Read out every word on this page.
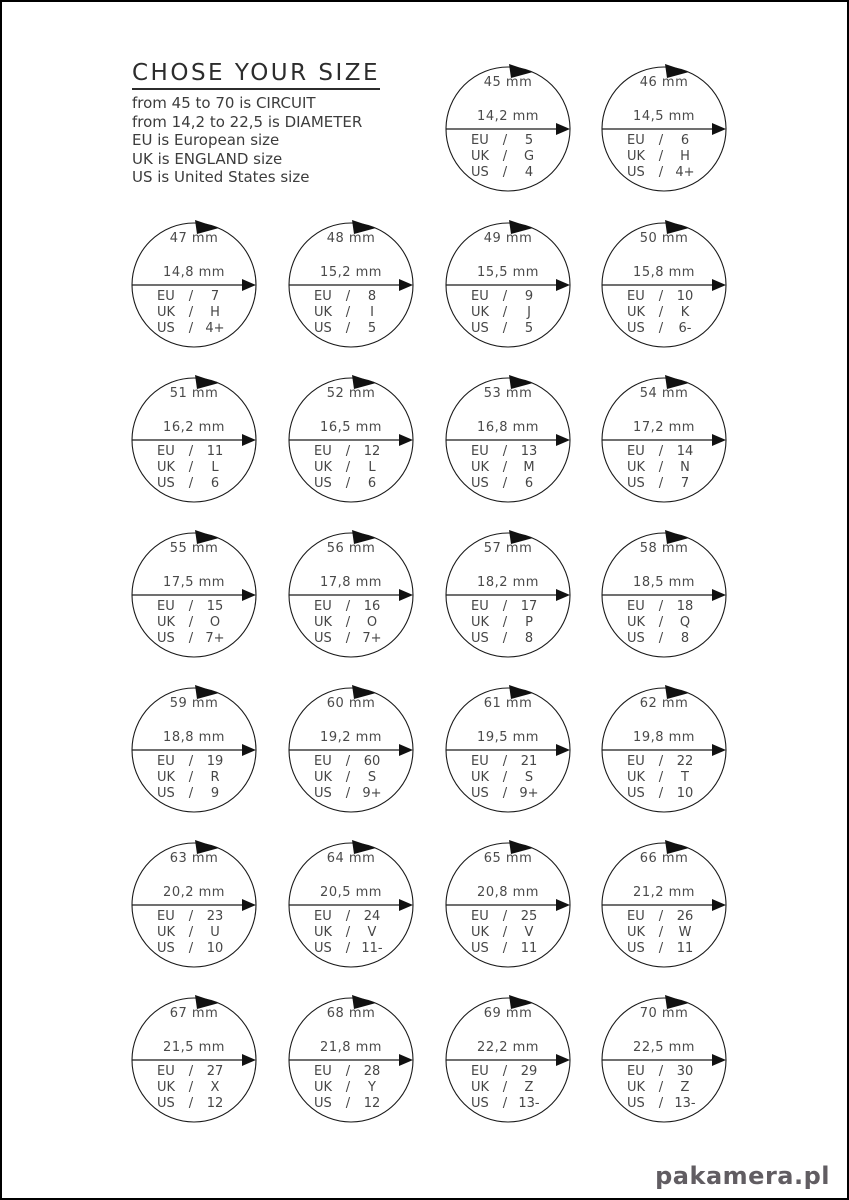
CHOSE YOUR SIZE
from 45 to 70 is CIRCUIT
from 14,2 to 22,5 is DIAMETER
EU is European size
UK is ENGLAND size
US is United States size
45 mm
14,2 mm
EU	/	5
UK	/	G
US	/	4
46 mm
14,5 mm
EU	/	6
UK	/	H
US	/ 4+
47 mm
14,8 mm
EU	/	7
UK	/	H
US	/ 4+
48 mm
15,2 mm
EU	/	8
UK	/	I
US	/	5
49 mm
15,5 mm
EU	/	9
UK	/	J
US	/	5
50 mm
15,8 mm
EU	/	10
UK	/	K
US	/	6-
51 mm
16,2 mm
EU	/	11
UK	/	L
US	/	6
52 mm
16,5 mm
EU	/	12
UK	/	L
US	/	6
53 mm
16,8 mm
EU	/	13
UK	/	M
US	/	6
54 mm
17,2 mm
EU	/	14
UK	/	N
US	/	7
55 mm
17,5 mm
EU	/	15
UK	/	O
US	/ 7+
56 mm
17,8 mm
EU	/	16
UK	/	O
US	/ 7+
57 mm
18,2 mm
EU	/	17
UK	/	P
US	/	8
58 mm
18,5 mm
EU	/	18
UK	/	Q
US	/	8
59 mm
18,8 mm
EU	/	19
UK	/	R
US	/	9
60 mm
19,2 mm
EU	/	60
UK	/	S
US	/ 9+
61 mm
19,5 mm
EU	/	21
UK	/	S
US	/ 9+
62 mm
19,8 mm
EU	/	22
UK	/	T
US	/	10
63 mm
20,2 mm
EU	/	23
UK	/	U
US	/	10
64 mm
20,5 mm
EU	/	24
UK	/	V
US	/ 11-
65 mm
20,8 mm
EU	/	25
UK	/	V
US	/	11
66 mm
21,2 mm
EU	/	26
UK	/	W
US	/	11
67 mm
21,5 mm
EU	/	27
UK	/	X
US	/	12
68 mm
21,8 mm
EU	/	28
UK	/	Y
US	/	12
69 mm
22,2 mm
EU	/	29
UK	/	Z
US	/ 13-
70 mm
22,5 mm
EU	/	30
UK	/	Z
US	/ 13-
pakamera.pl
